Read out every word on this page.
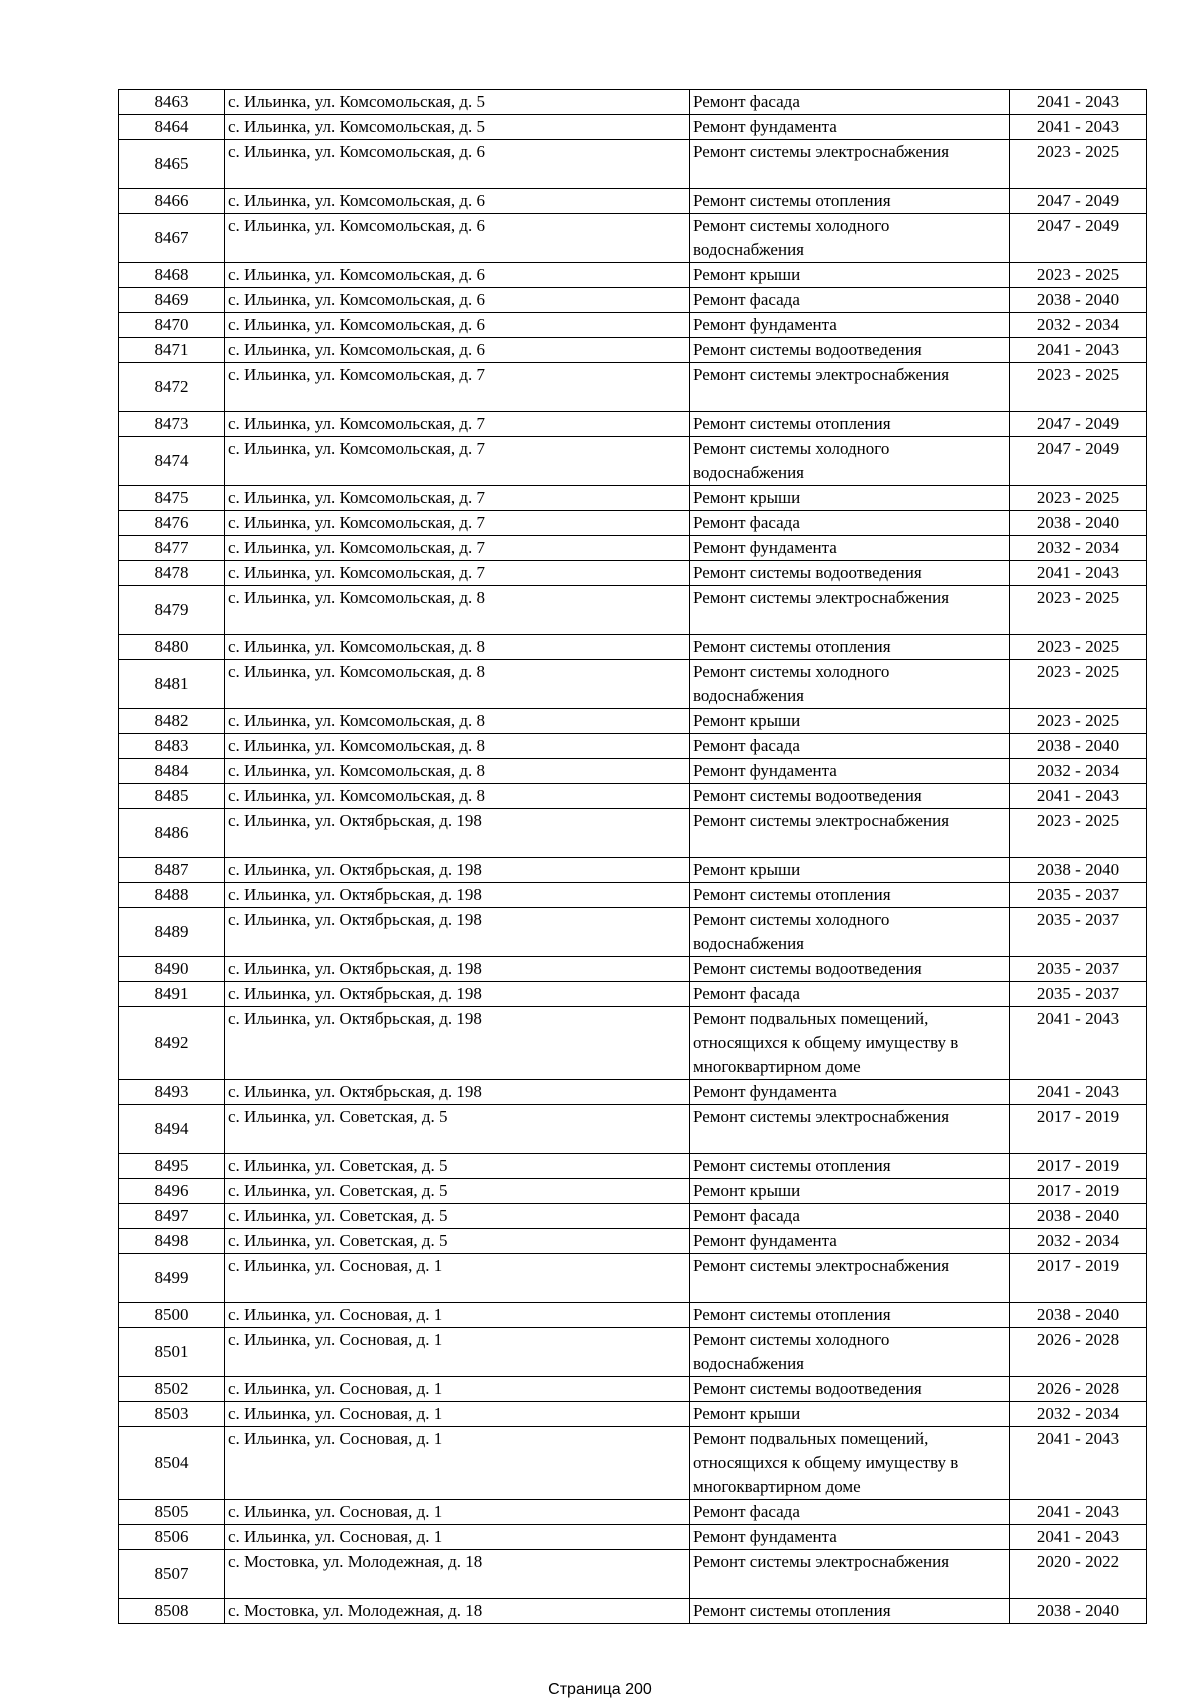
8463	с. Ильинка, ул. Комсомольская, д. 5	Ремонт фасада	2041 - 2043
8464	с. Ильинка, ул. Комсомольская, д. 5	Ремонт фундамента	2041 - 2043
8465	с. Ильинка, ул. Комсомольская, д. 6	Ремонт системы электроснабжения	2023 - 2025
8466	с. Ильинка, ул. Комсомольская, д. 6	Ремонт системы отопления	2047 - 2049
8467	с. Ильинка, ул. Комсомольская, д. 6	Ремонт системы холодного
водоснабжения	2047 - 2049
8468	с. Ильинка, ул. Комсомольская, д. 6	Ремонт крыши	2023 - 2025
8469	с. Ильинка, ул. Комсомольская, д. 6	Ремонт фасада	2038 - 2040
8470	с. Ильинка, ул. Комсомольская, д. 6	Ремонт фундамента	2032 - 2034
8471	с. Ильинка, ул. Комсомольская, д. 6	Ремонт системы водоотведения	2041 - 2043
8472	с. Ильинка, ул. Комсомольская, д. 7	Ремонт системы электроснабжения	2023 - 2025
8473	с. Ильинка, ул. Комсомольская, д. 7	Ремонт системы отопления	2047 - 2049
8474	с. Ильинка, ул. Комсомольская, д. 7	Ремонт системы холодного
водоснабжения	2047 - 2049
8475	с. Ильинка, ул. Комсомольская, д. 7	Ремонт крыши	2023 - 2025
8476	с. Ильинка, ул. Комсомольская, д. 7	Ремонт фасада	2038 - 2040
8477	с. Ильинка, ул. Комсомольская, д. 7	Ремонт фундамента	2032 - 2034
8478	с. Ильинка, ул. Комсомольская, д. 7	Ремонт системы водоотведения	2041 - 2043
8479	с. Ильинка, ул. Комсомольская, д. 8	Ремонт системы электроснабжения	2023 - 2025
8480	с. Ильинка, ул. Комсомольская, д. 8	Ремонт системы отопления	2023 - 2025
8481	с. Ильинка, ул. Комсомольская, д. 8	Ремонт системы холодного
водоснабжения	2023 - 2025
8482	с. Ильинка, ул. Комсомольская, д. 8	Ремонт крыши	2023 - 2025
8483	с. Ильинка, ул. Комсомольская, д. 8	Ремонт фасада	2038 - 2040
8484	с. Ильинка, ул. Комсомольская, д. 8	Ремонт фундамента	2032 - 2034
8485	с. Ильинка, ул. Комсомольская, д. 8	Ремонт системы водоотведения	2041 - 2043
8486	с. Ильинка, ул. Октябрьская, д. 198	Ремонт системы электроснабжения	2023 - 2025
8487	с. Ильинка, ул. Октябрьская, д. 198	Ремонт крыши	2038 - 2040
8488	с. Ильинка, ул. Октябрьская, д. 198	Ремонт системы отопления	2035 - 2037
8489	с. Ильинка, ул. Октябрьская, д. 198	Ремонт системы холодного
водоснабжения	2035 - 2037
8490	с. Ильинка, ул. Октябрьская, д. 198	Ремонт системы водоотведения	2035 - 2037
8491	с. Ильинка, ул. Октябрьская, д. 198	Ремонт фасада	2035 - 2037
8492	с. Ильинка, ул. Октябрьская, д. 198	Ремонт подвальных помещений,
относящихся к общему имуществу в
многоквартирном доме	2041 - 2043
8493	с. Ильинка, ул. Октябрьская, д. 198	Ремонт фундамента	2041 - 2043
8494	с. Ильинка, ул. Советская, д. 5	Ремонт системы электроснабжения	2017 - 2019
8495	с. Ильинка, ул. Советская, д. 5	Ремонт системы отопления	2017 - 2019
8496	с. Ильинка, ул. Советская, д. 5	Ремонт крыши	2017 - 2019
8497	с. Ильинка, ул. Советская, д. 5	Ремонт фасада	2038 - 2040
8498	с. Ильинка, ул. Советская, д. 5	Ремонт фундамента	2032 - 2034
8499	с. Ильинка, ул. Сосновая, д. 1	Ремонт системы электроснабжения	2017 - 2019
8500	с. Ильинка, ул. Сосновая, д. 1	Ремонт системы отопления	2038 - 2040
8501	с. Ильинка, ул. Сосновая, д. 1	Ремонт системы холодного
водоснабжения	2026 - 2028
8502	с. Ильинка, ул. Сосновая, д. 1	Ремонт системы водоотведения	2026 - 2028
8503	с. Ильинка, ул. Сосновая, д. 1	Ремонт крыши	2032 - 2034
8504	с. Ильинка, ул. Сосновая, д. 1	Ремонт подвальных помещений,
относящихся к общему имуществу в
многоквартирном доме	2041 - 2043
8505	с. Ильинка, ул. Сосновая, д. 1	Ремонт фасада	2041 - 2043
8506	с. Ильинка, ул. Сосновая, д. 1	Ремонт фундамента	2041 - 2043
8507	с. Мостовка, ул. Молодежная, д. 18	Ремонт системы электроснабжения	2020 - 2022
8508	с. Мостовка, ул. Молодежная, д. 18	Ремонт системы отопления	2038 - 2040
Страница 200
